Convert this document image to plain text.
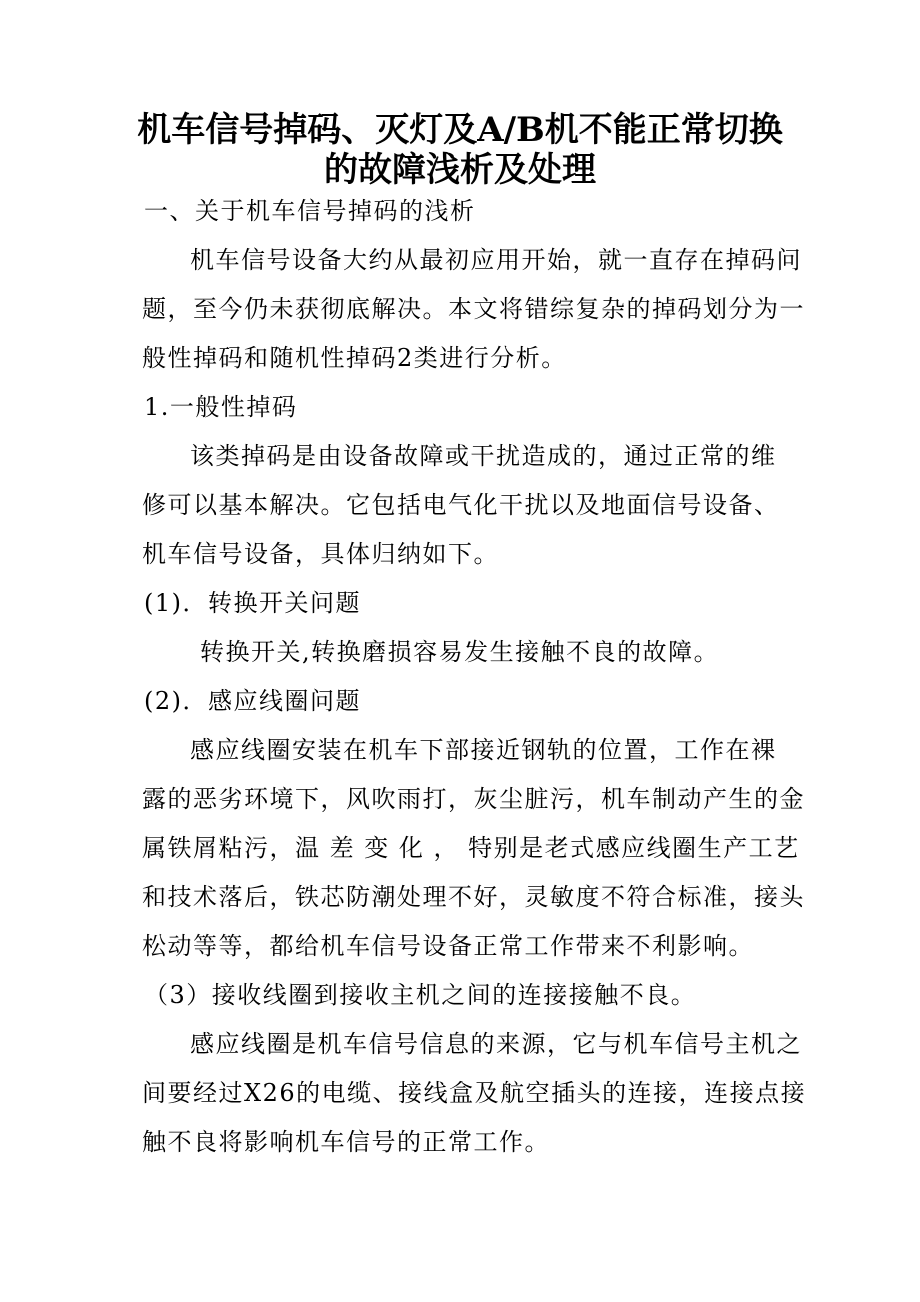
机车信号掉码、灭灯及A/B机不能正常切换
的故障浅析及处理
一、关于机车信号掉码的浅析
机车信号设备大约从最初应用开始，就一直存在掉码问
题，至今仍未获彻底解决。本文将错综复杂的掉码划分为一
般性掉码和随机性掉码2类进行分析。
1.一般性掉码
该类掉码是由设备故障或干扰造成的，通过正常的维
修可以基本解决。它包括电气化干扰以及地面信号设备、
机车信号设备，具体归纳如下。
(1)．转换开关问题
转换开关,转换磨损容易发生接触不良的故障。
(2)．感应线圈问题
感应线圈安装在机车下部接近钢轨的位置，工作在裸
露的恶劣环境下，风吹雨打，灰尘脏污，机车制动产生的金
属铁屑粘污，温 差 变 化 ， 特别是老式感应线圈生产工艺
和技术落后，铁芯防潮处理不好，灵敏度不符合标准，接头
松动等等，都给机车信号设备正常工作带来不利影响。
（3）接收线圈到接收主机之间的连接接触不良。
感应线圈是机车信号信息的来源，它与机车信号主机之
间要经过X26的电缆、接线盒及航空插头的连接，连接点接
触不良将影响机车信号的正常工作。
